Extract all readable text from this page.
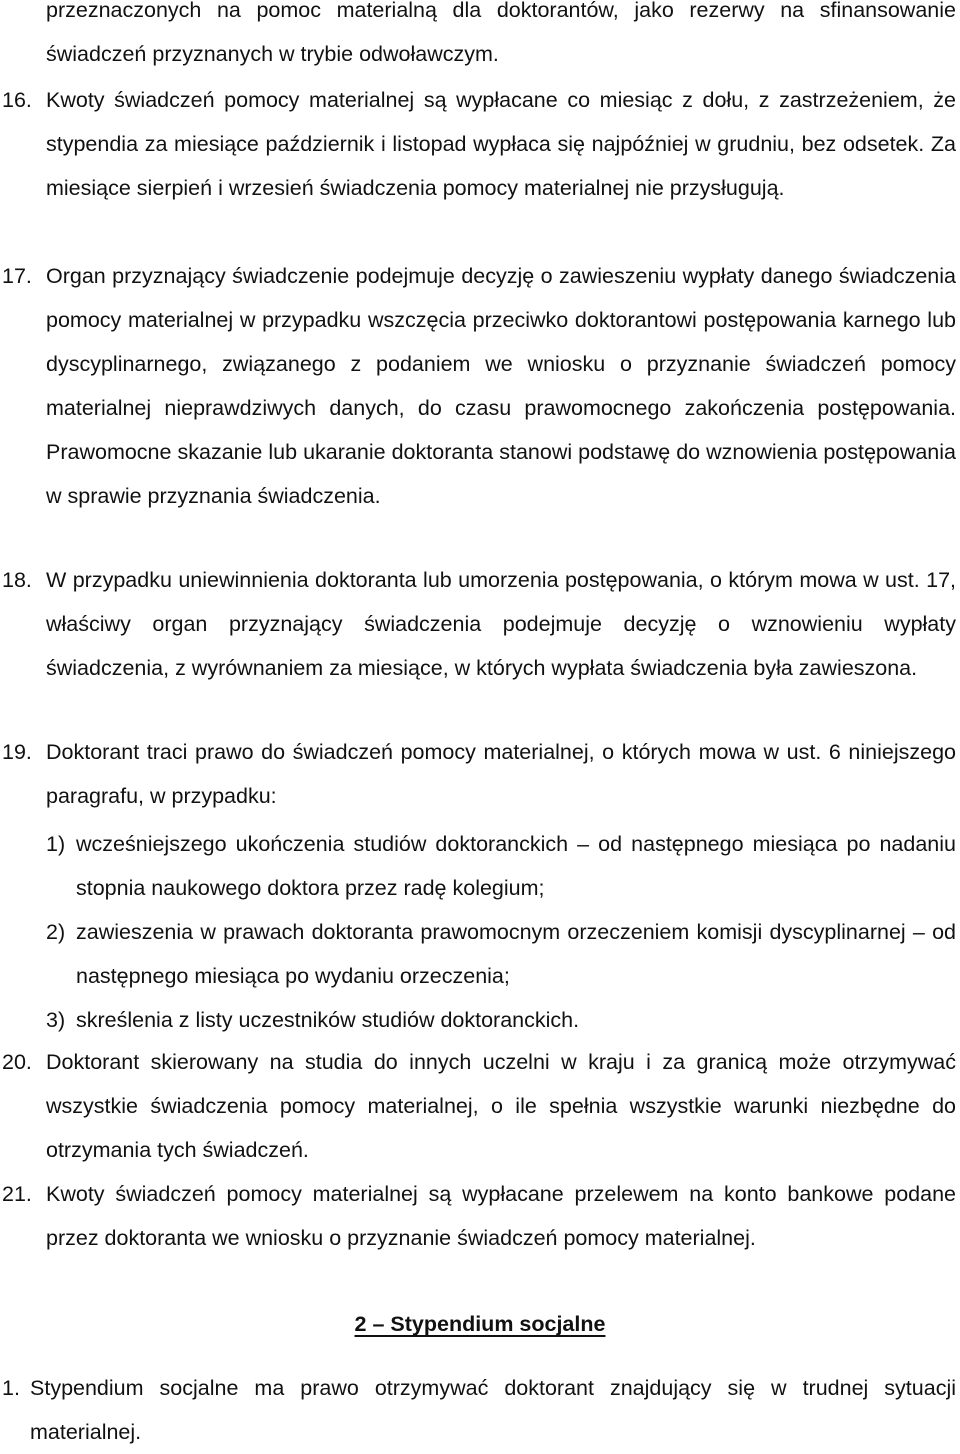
przeznaczonych na pomoc materialną dla doktorantów, jako rezerwy na sfinansowanie świadczeń przyznanych w trybie odwoławczym.

16. Kwoty świadczeń pomocy materialnej są wypłacane co miesiąc z dołu, z zastrzeżeniem, że stypendia za miesiące październik i listopad wypłaca się najpóźniej w grudniu, bez odsetek. Za miesiące sierpień i wrzesień świadczenia pomocy materialnej nie przysługują.

17. Organ przyznający świadczenie podejmuje decyzję o zawieszeniu wypłaty danego świadczenia pomocy materialnej w przypadku wszczęcia przeciwko doktorantowi postępowania karnego lub dyscyplinarnego, związanego z podaniem we wniosku o przyznanie świadczeń pomocy materialnej nieprawdziwych danych, do czasu prawomocnego zakończenia postępowania. Prawomocne skazanie lub ukaranie doktoranta stanowi podstawę do wznowienia postępowania w sprawie przyznania świadczenia.

18. W przypadku uniewinnienia doktoranta lub umorzenia postępowania, o którym mowa w ust. 17, właściwy organ przyznający świadczenia podejmuje decyzję o wznowieniu wypłaty świadczenia, z wyrównaniem za miesiące, w których wypłata świadczenia była zawieszona.

19. Doktorant traci prawo do świadczeń pomocy materialnej, o których mowa w ust. 6 niniejszego paragrafu, w przypadku:

1) wcześniejszego ukończenia studiów doktoranckich – od następnego miesiąca po nadaniu stopnia naukowego doktora przez radę kolegium;

2) zawieszenia w prawach doktoranta prawomocnym orzeczeniem komisji dyscyplinarnej – od następnego miesiąca po wydaniu orzeczenia;

3) skreślenia z listy uczestników studiów doktoranckich.

20. Doktorant skierowany na studia do innych uczelni w kraju i za granicą może otrzymywać wszystkie świadczenia pomocy materialnej, o ile spełnia wszystkie warunki niezbędne do otrzymania tych świadczeń.

21. Kwoty świadczeń pomocy materialnej są wypłacane przelewem na konto bankowe podane przez doktoranta we wniosku o przyznanie świadczeń pomocy materialnej.

2 – Stypendium socjalne
1. Stypendium socjalne ma prawo otrzymywać doktorant znajdujący się w trudnej sytuacji materialnej.
